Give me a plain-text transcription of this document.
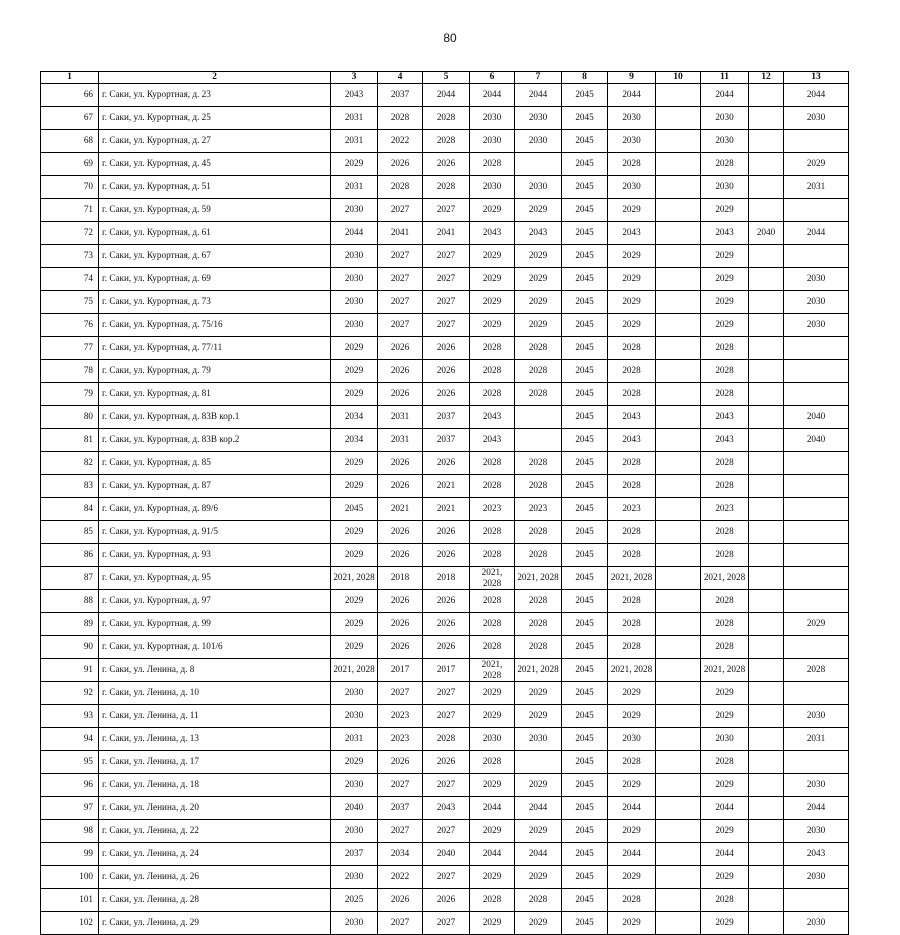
80
1	2	3	4	5	6	7	8	9	10	11	12	13
66	г. Саки, ул. Курортная, д. 23	2043	2037	2044	2044	2044	2045	2044		2044		2044
67	г. Саки, ул. Курортная, д. 25	2031	2028	2028	2030	2030	2045	2030		2030		2030
68	г. Саки, ул. Курортная, д. 27	2031	2022	2028	2030	2030	2045	2030		2030		
69	г. Саки, ул. Курортная, д. 45	2029	2026	2026	2028		2045	2028		2028		2029
70	г. Саки, ул. Курортная, д. 51	2031	2028	2028	2030	2030	2045	2030		2030		2031
71	г. Саки, ул. Курортная, д. 59	2030	2027	2027	2029	2029	2045	2029		2029		
72	г. Саки, ул. Курортная, д. 61	2044	2041	2041	2043	2043	2045	2043		2043	2040	2044
73	г. Саки, ул. Курортная, д. 67	2030	2027	2027	2029	2029	2045	2029		2029		
74	г. Саки, ул. Курортная, д. 69	2030	2027	2027	2029	2029	2045	2029		2029		2030
75	г. Саки, ул. Курортная, д. 73	2030	2027	2027	2029	2029	2045	2029		2029		2030
76	г. Саки, ул. Курортная, д. 75/16	2030	2027	2027	2029	2029	2045	2029		2029		2030
77	г. Саки, ул. Курортная, д. 77/11	2029	2026	2026	2028	2028	2045	2028		2028		
78	г. Саки, ул. Курортная, д. 79	2029	2026	2026	2028	2028	2045	2028		2028		
79	г. Саки, ул. Курортная, д. 81	2029	2026	2026	2028	2028	2045	2028		2028		
80	г. Саки, ул. Курортная, д. 83В кор.1	2034	2031	2037	2043		2045	2043		2043		2040
81	г. Саки, ул. Курортная, д. 83В кор.2	2034	2031	2037	2043		2045	2043		2043		2040
82	г. Саки, ул. Курортная, д. 85	2029	2026	2026	2028	2028	2045	2028		2028		
83	г. Саки, ул. Курортная, д. 87	2029	2026	2021	2028	2028	2045	2028		2028		
84	г. Саки, ул. Курортная, д. 89/6	2045	2021	2021	2023	2023	2045	2023		2023		
85	г. Саки, ул. Курортная, д. 91/5	2029	2026	2026	2028	2028	2045	2028		2028		
86	г. Саки, ул. Курортная, д. 93	2029	2026	2026	2028	2028	2045	2028		2028		
87	г. Саки, ул. Курортная, д. 95	2021, 2028	2018	2018	2021, 2028	2021, 2028	2045	2021, 2028		2021, 2028		
88	г. Саки, ул. Курортная, д. 97	2029	2026	2026	2028	2028	2045	2028		2028		
89	г. Саки, ул. Курортная, д. 99	2029	2026	2026	2028	2028	2045	2028		2028		2029
90	г. Саки, ул. Курортная, д. 101/6	2029	2026	2026	2028	2028	2045	2028		2028		
91	г. Саки, ул. Ленина, д. 8	2021, 2028	2017	2017	2021, 2028	2021, 2028	2045	2021, 2028		2021, 2028		2028
92	г. Саки, ул. Ленина, д. 10	2030	2027	2027	2029	2029	2045	2029		2029		
93	г. Саки, ул. Ленина, д. 11	2030	2023	2027	2029	2029	2045	2029		2029		2030
94	г. Саки, ул. Ленина, д. 13	2031	2023	2028	2030	2030	2045	2030		2030		2031
95	г. Саки, ул. Ленина, д. 17	2029	2026	2026	2028		2045	2028		2028		
96	г. Саки, ул. Ленина, д. 18	2030	2027	2027	2029	2029	2045	2029		2029		2030
97	г. Саки, ул. Ленина, д. 20	2040	2037	2043	2044	2044	2045	2044		2044		2044
98	г. Саки, ул. Ленина, д. 22	2030	2027	2027	2029	2029	2045	2029		2029		2030
99	г. Саки, ул. Ленина, д. 24	2037	2034	2040	2044	2044	2045	2044		2044		2043
100	г. Саки, ул. Ленина, д. 26	2030	2022	2027	2029	2029	2045	2029		2029		2030
101	г. Саки, ул. Ленина, д. 28	2025	2026	2026	2028	2028	2045	2028		2028		
102	г. Саки, ул. Ленина, д. 29	2030	2027	2027	2029	2029	2045	2029		2029		2030
